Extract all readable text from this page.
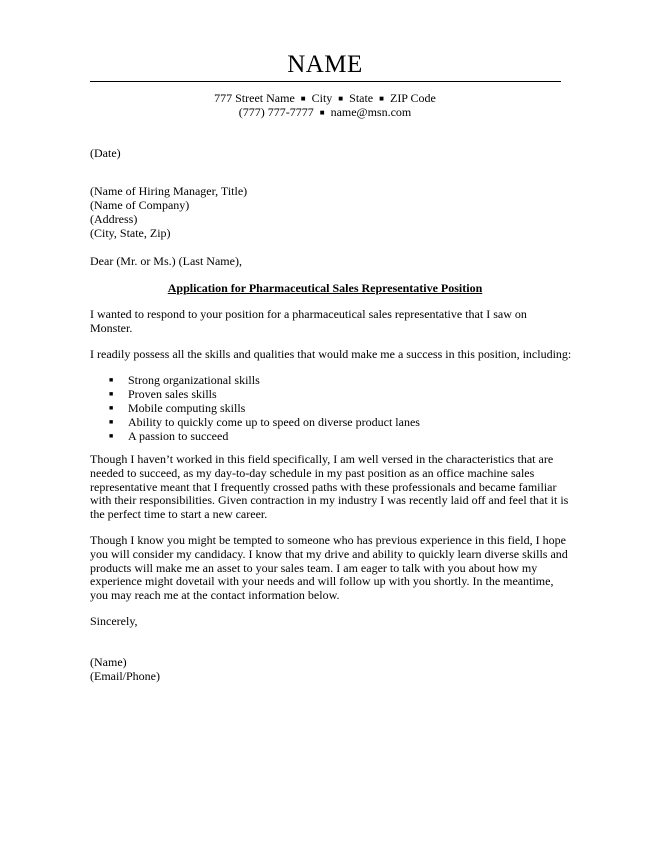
NAME
777 Street Name ■ City ■ State ■ ZIP Code
(777) 777-7777 ■ name@msn.com
(Date)
(Name of Hiring Manager, Title)
(Name of Company)
(Address)
(City, State, Zip)
Dear (Mr. or Ms.) (Last Name),
Application for Pharmaceutical Sales Representative Position
I wanted to respond to your position for a pharmaceutical sales representative that I saw on Monster.
I readily possess all the skills and qualities that would make me a success in this position, including:
■ Strong organizational skills
■ Proven sales skills
■ Mobile computing skills
■ Ability to quickly come up to speed on diverse product lanes
■ A passion to succeed
Though I haven’t worked in this field specifically, I am well versed in the characteristics that are needed to succeed, as my day-to-day schedule in my past position as an office machine sales representative meant that I frequently crossed paths with these professionals and became familiar with their responsibilities. Given contraction in my industry I was recently laid off and feel that it is the perfect time to start a new career.
Though I know you might be tempted to someone who has previous experience in this field, I hope you will consider my candidacy. I know that my drive and ability to quickly learn diverse skills and products will make me an asset to your sales team. I am eager to talk with you about how my experience might dovetail with your needs and will follow up with you shortly. In the meantime, you may reach me at the contact information below.
Sincerely,
(Name)
(Email/Phone)
